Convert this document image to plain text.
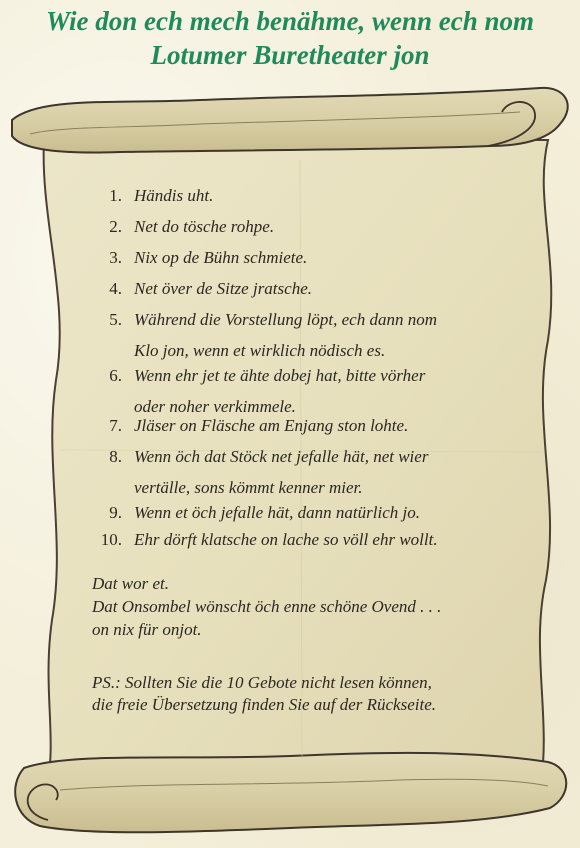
Wie don ech mech benähme, wenn ech nom
Lotumer Buretheater jon
1. Händis uht.
2. Net do tösche rohpe.
3. Nix op de Bühn schmiete.
4. Net över de Sitze jratsche.
5. Während die Vorstellung löpt, ech dann nom
Klo jon, wenn et wirklich nödisch es.
6. Wenn ehr jet te ähte dobej hat, bitte vörher
oder noher verkimmele.
7. Jläser on Fläsche am Enjang ston lohte.
8. Wenn öch dat Stöck net jefalle hät, net wier
vertälle, sons kömmt kenner mier.
9. Wenn et öch jefalle hät, dann natürlich jo.
10. Ehr dörft klatsche on lache so völl ehr wollt.
Dat wor et.
Dat Onsombel wönscht öch enne schöne Ovend . . .
on nix für onjot.
PS.: Sollten Sie die 10 Gebote nicht lesen können,
die freie Übersetzung finden Sie auf der Rückseite.
